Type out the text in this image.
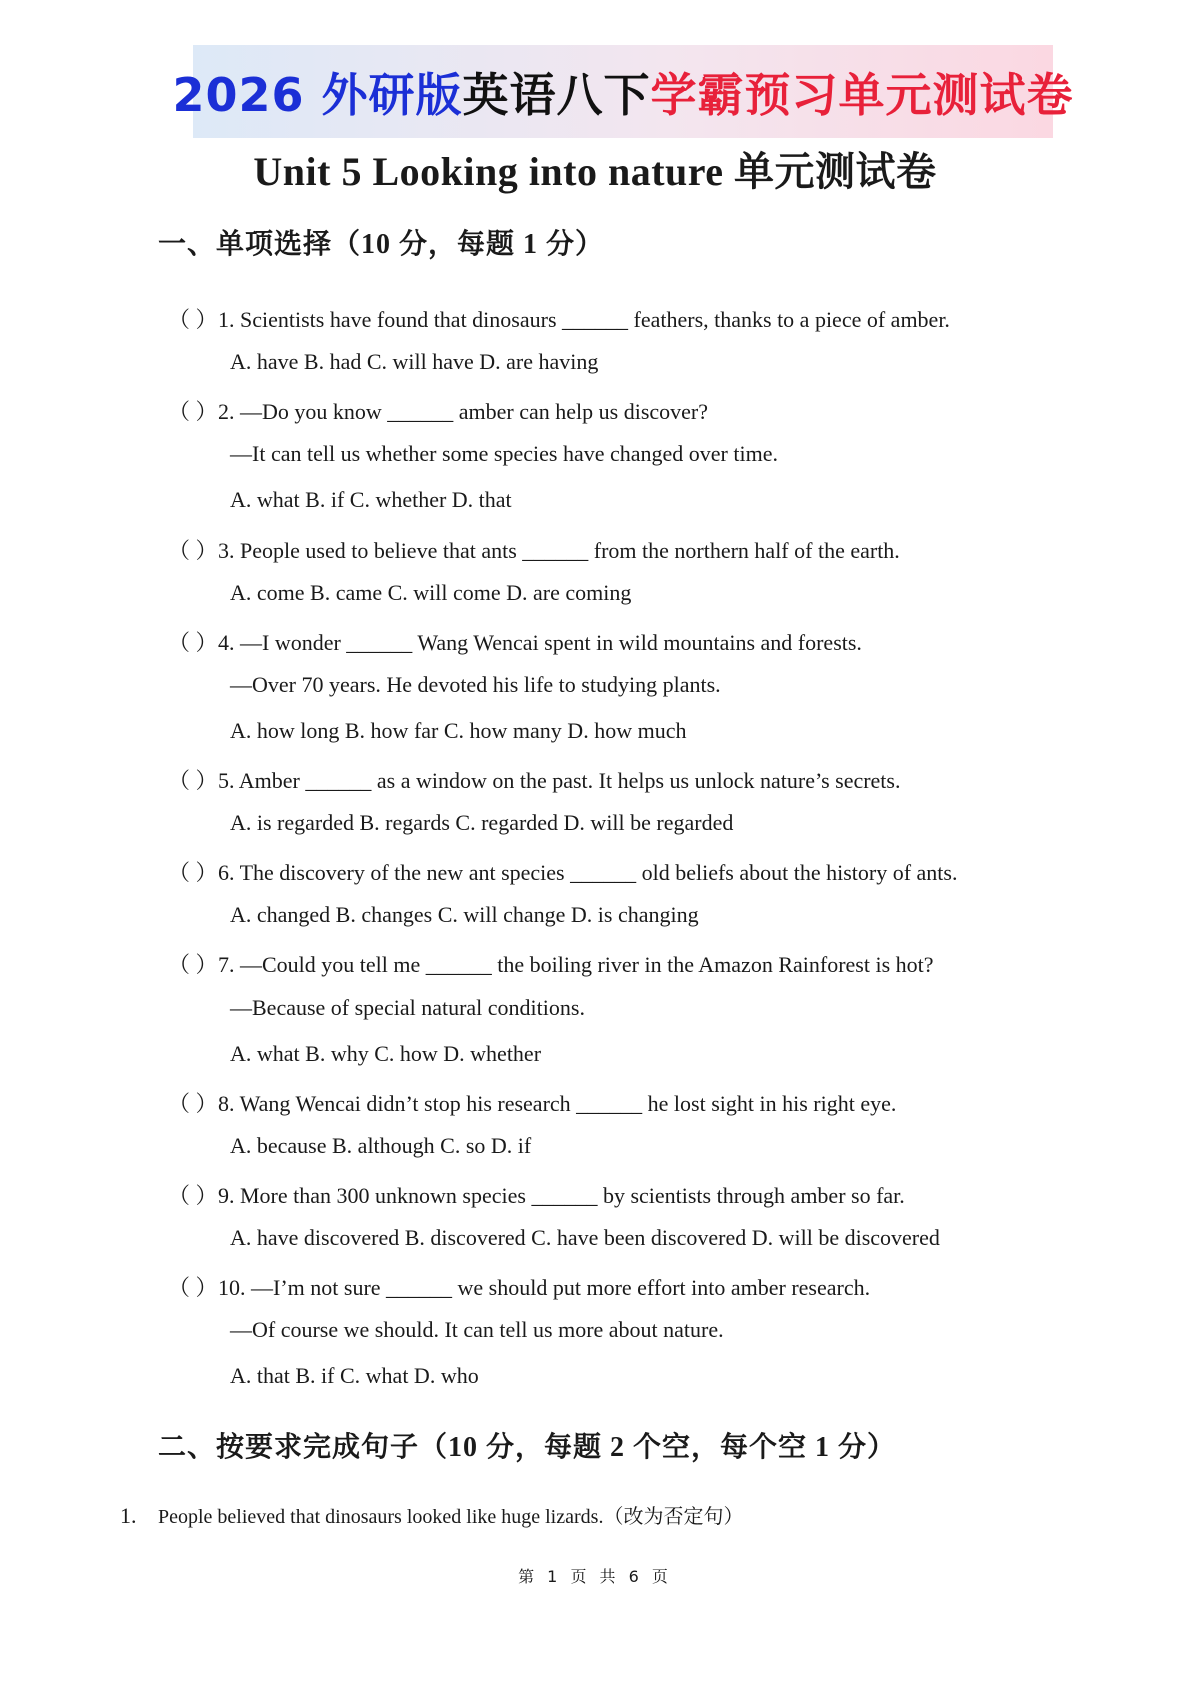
2026 外研版英语八下学霸预习单元测试卷
Unit 5 Looking into nature 单元测试卷
一、单项选择（10 分，每题 1 分）
（ ）1. Scientists have found that dinosaurs ______ feathers, thanks to a piece of amber.
A. have B. had C. will have D. are having
（ ）2. —Do you know ______ amber can help us discover?
—It can tell us whether some species have changed over time.
A. what B. if C. whether D. that
（ ）3. People used to believe that ants ______ from the northern half of the earth.
A. come B. came C. will come D. are coming
（ ）4. —I wonder ______ Wang Wencai spent in wild mountains and forests.
—Over 70 years. He devoted his life to studying plants.
A. how long B. how far C. how many D. how much
（ ）5. Amber ______ as a window on the past. It helps us unlock nature’s secrets.
A. is regarded B. regards C. regarded D. will be regarded
（ ）6. The discovery of the new ant species ______ old beliefs about the history of ants.
A. changed B. changes C. will change D. is changing
（ ）7. —Could you tell me ______ the boiling river in the Amazon Rainforest is hot?
—Because of special natural conditions.
A. what B. why C. how D. whether
（ ）8. Wang Wencai didn’t stop his research ______ he lost sight in his right eye.
A. because B. although C. so D. if
（ ）9. More than 300 unknown species ______ by scientists through amber so far.
A. have discovered B. discovered C. have been discovered D. will be discovered
（ ）10. —I’m not sure ______ we should put more effort into amber research.
—Of course we should. It can tell us more about nature.
A. that B. if C. what D. who
二、按要求完成句子（10 分，每题 2 个空，每个空 1 分）
1. People believed that dinosaurs looked like huge lizards.（改为否定句）
第 1 页 共 6 页
